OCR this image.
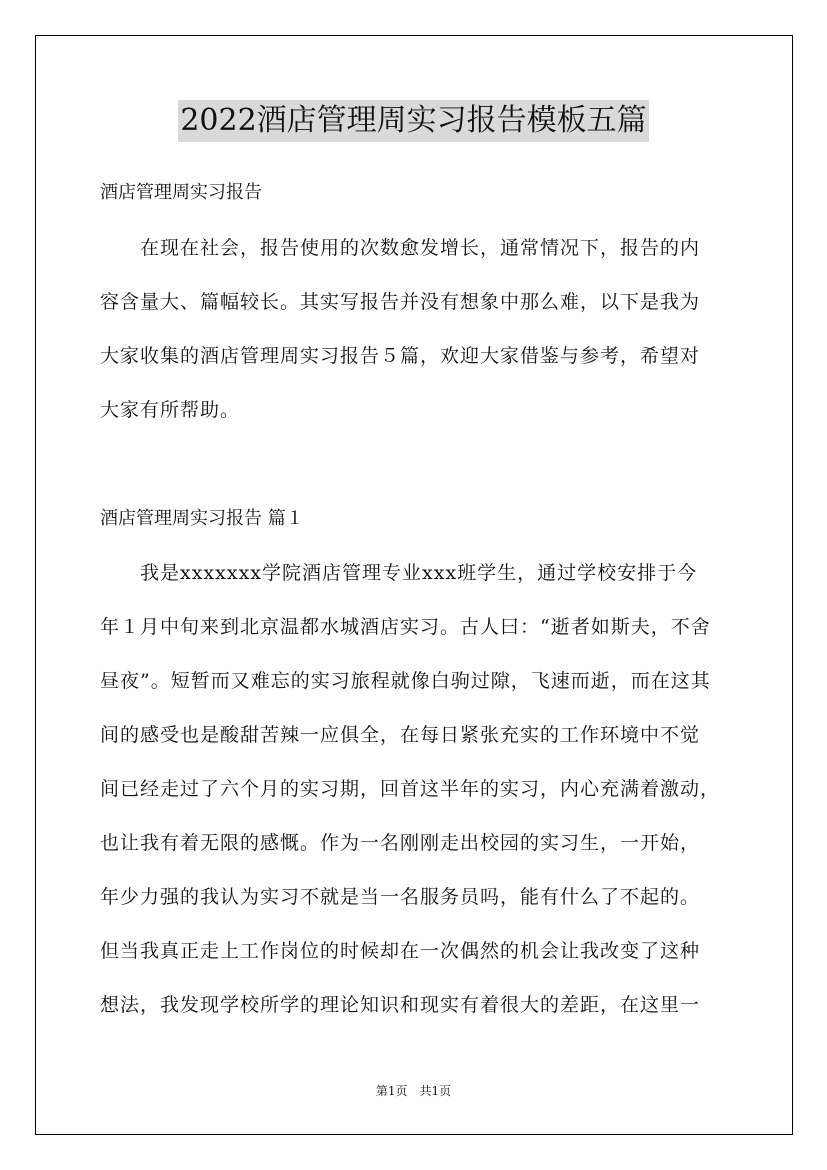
2022酒店管理周实习报告模板五篇

酒店管理周实习报告

　　在现在社会，报告使用的次数愈发增长，通常情况下，报告的内

容含量大、篇幅较长。其实写报告并没有想象中那么难，以下是我为

大家收集的酒店管理周实习报告５篇，欢迎大家借鉴与参考，希望对

大家有所帮助。

酒店管理周实习报告 篇１

　　我是xxxxxxx学院酒店管理专业xxx班学生，通过学校安排于今

年１月中旬来到北京温都水城酒店实习。古人曰：“逝者如斯夫，不舍

昼夜”。短暂而又难忘的实习旅程就像白驹过隙，飞速而逝，而在这其

间的感受也是酸甜苦辣一应俱全，在每日紧张充实的工作环境中不觉

间已经走过了六个月的实习期，回首这半年的实习，内心充满着激动，

也让我有着无限的感慨。作为一名刚刚走出校园的实习生，一开始，

年少力强的我认为实习不就是当一名服务员吗，能有什么了不起的。

但当我真正走上工作岗位的时候却在一次偶然的机会让我改变了这种

想法，我发现学校所学的理论知识和现实有着很大的差距，在这里一

第1页　共1页
